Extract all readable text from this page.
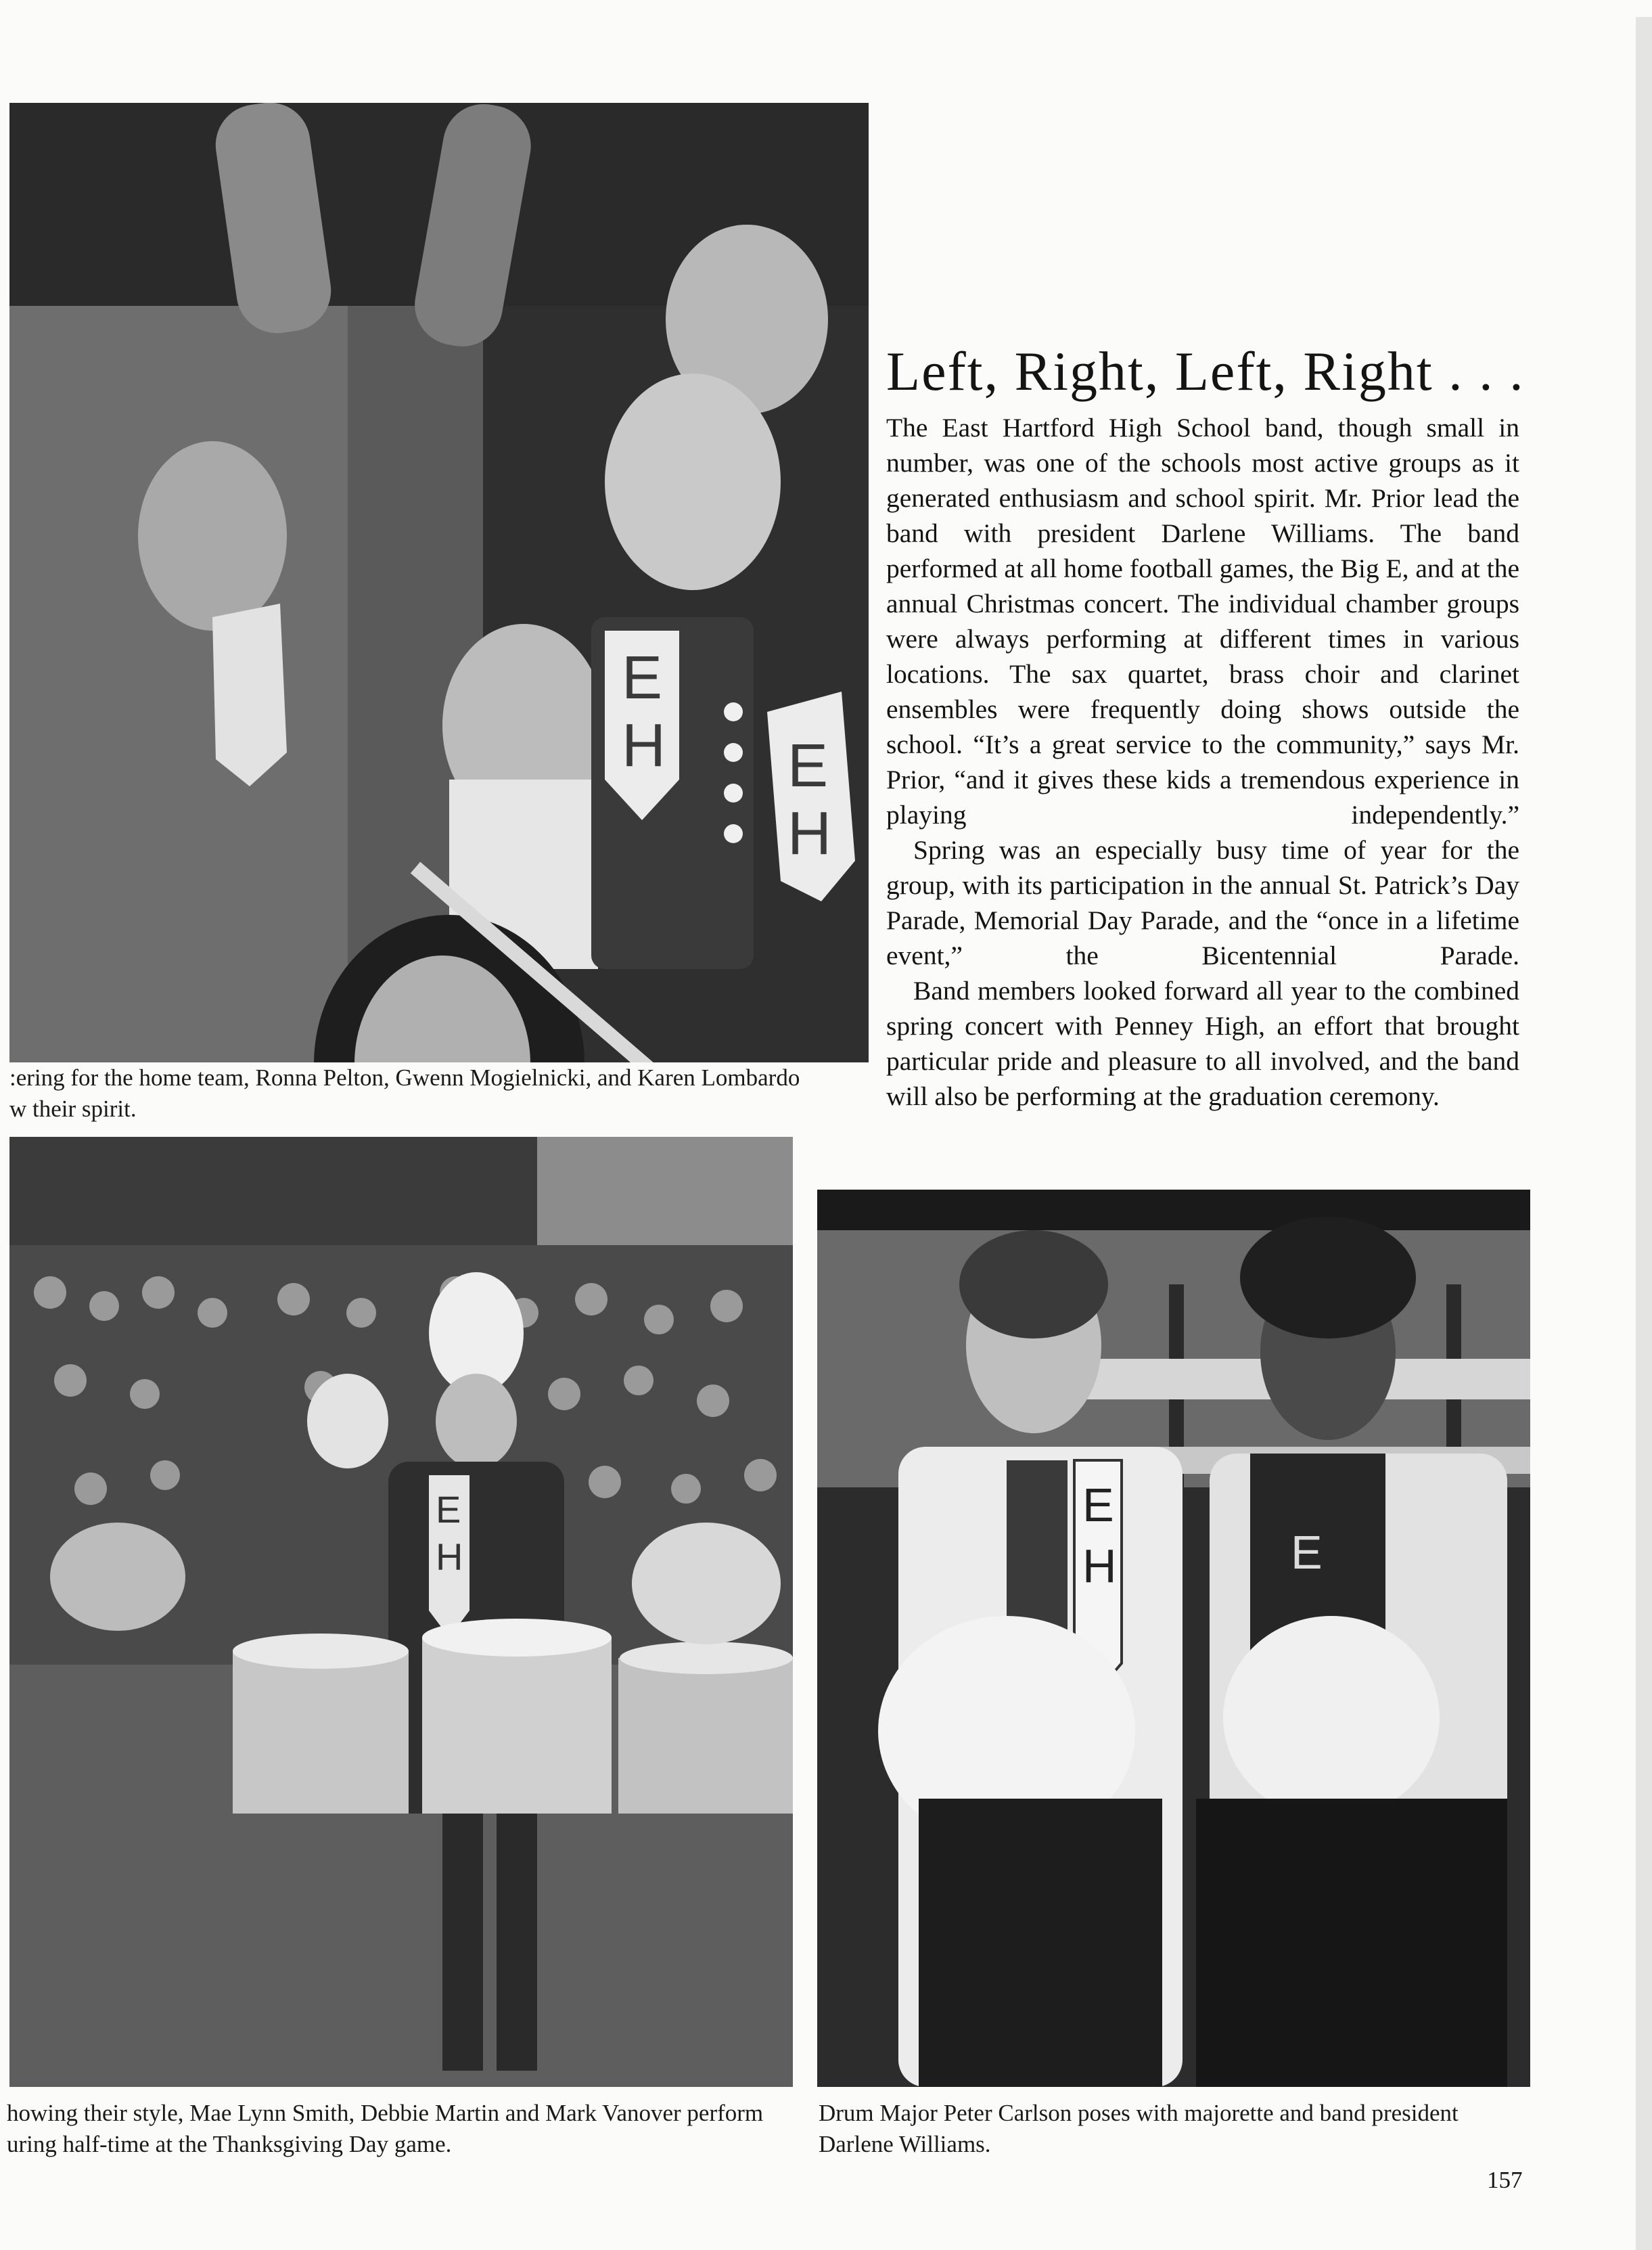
E
H E
H
:ering for the home team, Ronna Pelton, Gwenn Mogielnicki, and Karen Lombardo
w their spirit.
E
H
howing their style, Mae Lynn Smith, Debbie Martin and Mark Vanover perform
uring half-time at the Thanksgiving Day game.
E
H	E
Drum Major Peter Carlson poses with majorette and band president
Darlene Williams.
Left, Right, Left, Right . . .

The East Hartford High School band, though small in number, was one of the schools most active groups as it generated enthusiasm and school spirit. Mr. Prior lead the band with president Darlene Williams. The band performed at all home football games, the Big E, and at the annual Christmas concert. The individual chamber groups were always performing at different times in various locations. The sax quartet, brass choir and clarinet ensembles were frequently doing shows outside the school. “It’s a great service to the community,” says Mr. Prior, “and it gives these kids a tremendous experience in playing independently.”

Spring was an especially busy time of year for the group, with its participation in the annual St. Patrick’s Day Parade, Memorial Day Parade, and the “once in a lifetime event,” the Bicentennial Parade.

Band members looked forward all year to the combined spring concert with Penney High, an effort that brought particular pride and pleasure to all involved, and the band will also be performing at the graduation ceremony.

157
